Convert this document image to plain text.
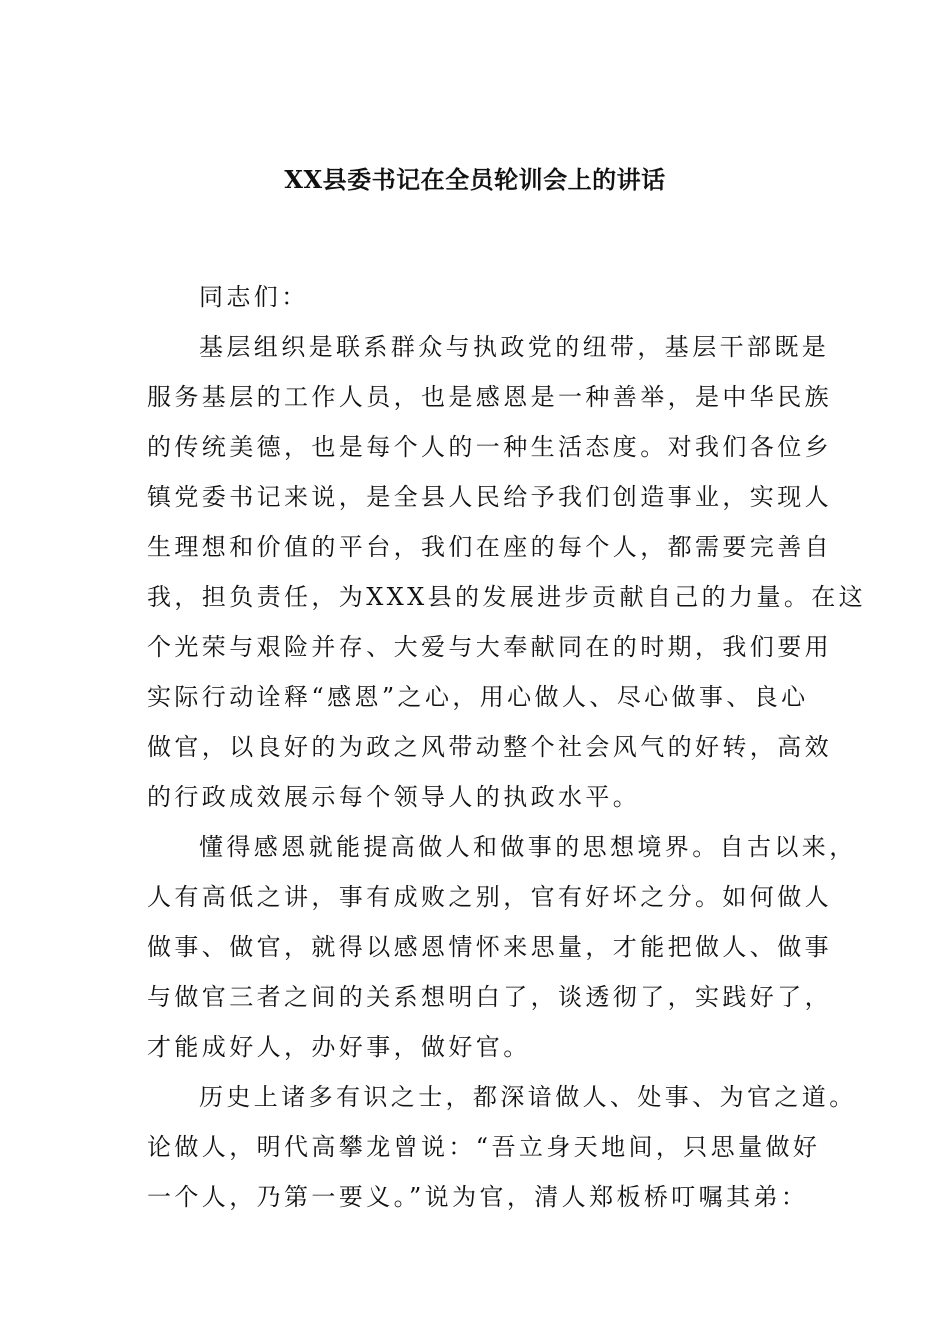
XX县委书记在全员轮训会上的讲话
同志们：
基层组织是联系群众与执政党的纽带，基层干部既是
服务基层的工作人员，也是感恩是一种善举，是中华民族
的传统美德，也是每个人的一种生活态度。对我们各位乡
镇党委书记来说，是全县人民给予我们创造事业，实现人
生理想和价值的平台，我们在座的每个人，都需要完善自
我，担负责任，为XXX县的发展进步贡献自己的力量。在这
个光荣与艰险并存、大爱与大奉献同在的时期，我们要用
实际行动诠释“感恩”之心，用心做人、尽心做事、良心
做官，以良好的为政之风带动整个社会风气的好转，高效
的行政成效展示每个领导人的执政水平。
懂得感恩就能提高做人和做事的思想境界。自古以来，
人有高低之讲，事有成败之别，官有好坏之分。如何做人
做事、做官，就得以感恩情怀来思量，才能把做人、做事
与做官三者之间的关系想明白了，谈透彻了，实践好了，
才能成好人，办好事，做好官。
历史上诸多有识之士，都深谙做人、处事、为官之道。
论做人，明代高攀龙曾说：“吾立身天地间，只思量做好
一个人，乃第一要义。”说为官，清人郑板桥叮嘱其弟：
